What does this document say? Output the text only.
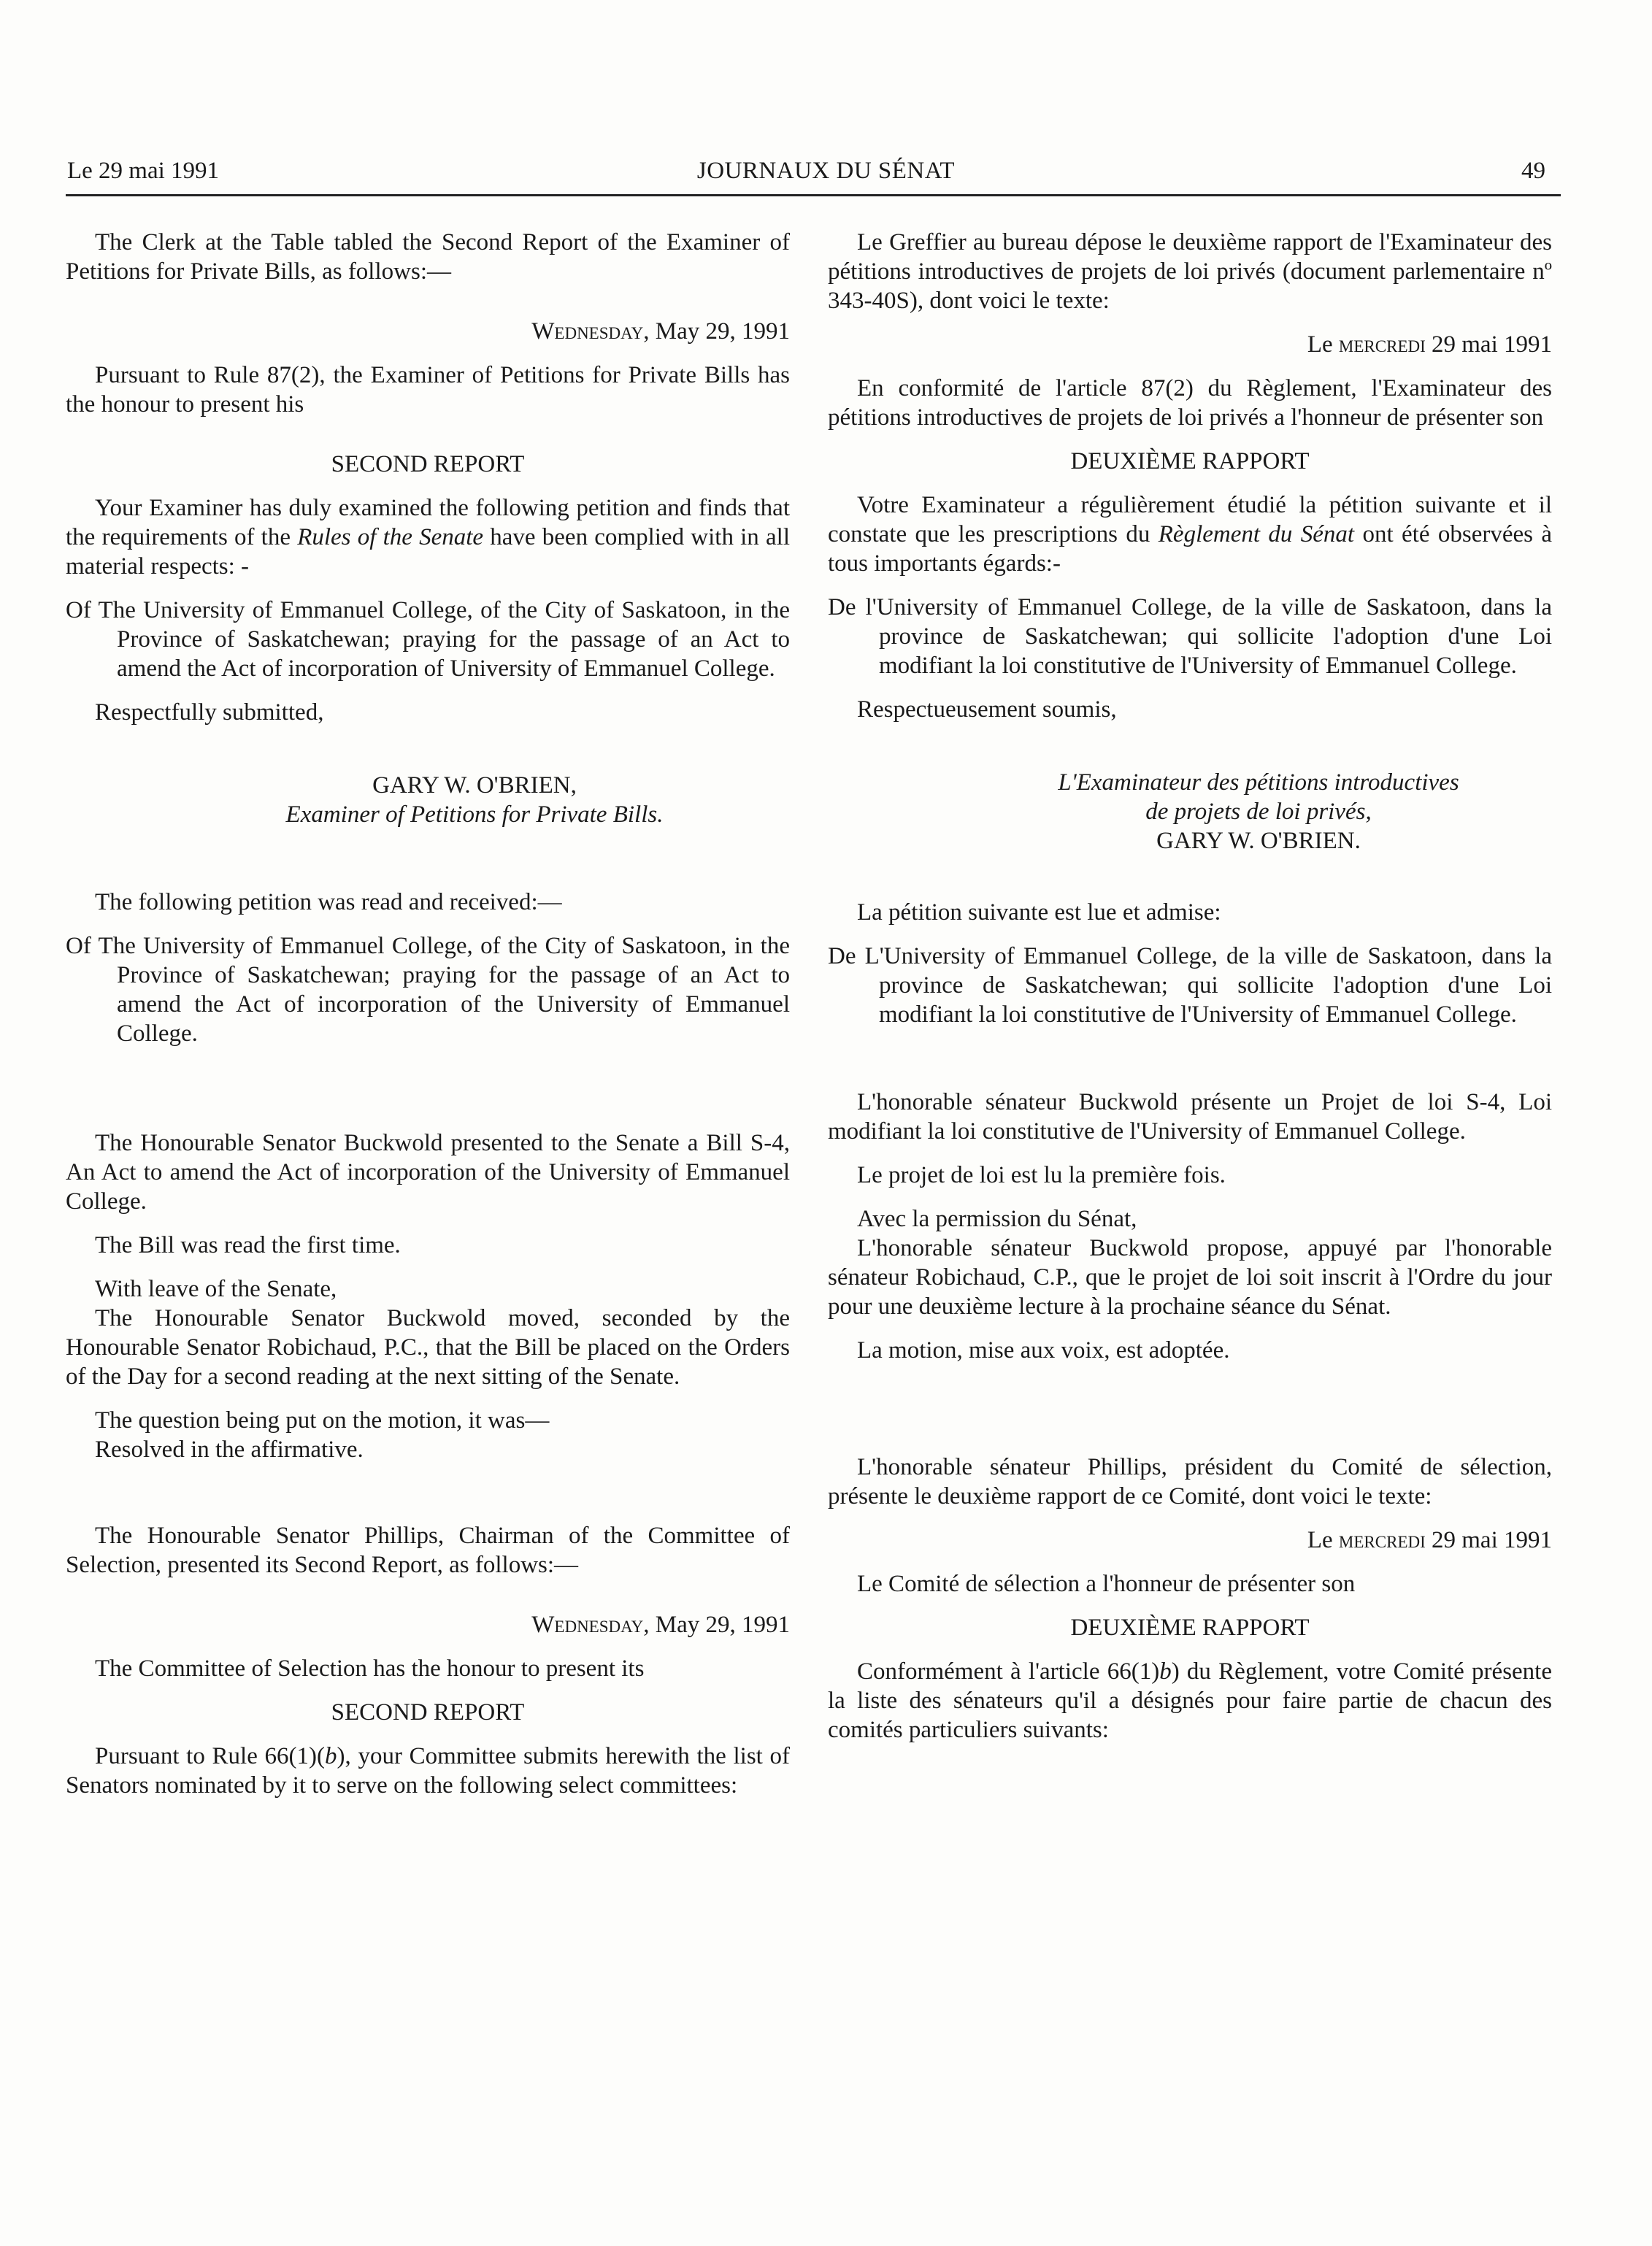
JOURNAUX DU SÉNAT
Le 29 mai 1991	49

The Clerk at the Table tabled the Second Report of the Examiner of Petitions for Private Bills, as follows:—

Wednesday, May 29, 1991

Pursuant to Rule 87(2), the Examiner of Petitions for Private Bills has the honour to present his

SECOND REPORT

Your Examiner has duly examined the following petition and finds that the requirements of the Rules of the Senate have been complied with in all material respects: -

Of The University of Emmanuel College, of the City of Saskatoon, in the Province of Saskatchewan; praying for the passage of an Act to amend the Act of incorporation of University of Emmanuel College.

Respectfully submitted,

GARY W. O'BRIEN,
Examiner of Petitions for Private Bills.

The following petition was read and received:—

Of The University of Emmanuel College, of the City of Saskatoon, in the Province of Saskatchewan; praying for the passage of an Act to amend the Act of incorporation of the University of Emmanuel College.

The Honourable Senator Buckwold presented to the Senate a Bill S-4, An Act to amend the Act of incorporation of the University of Emmanuel College.

The Bill was read the first time.

With leave of the Senate,

The Honourable Senator Buckwold moved, seconded by the Honourable Senator Robichaud, P.C., that the Bill be placed on the Orders of the Day for a second reading at the next sitting of the Senate.

The question being put on the motion, it was—

Resolved in the affirmative.

The Honourable Senator Phillips, Chairman of the Committee of Selection, presented its Second Report, as follows:—

Wednesday, May 29, 1991

The Committee of Selection has the honour to present its

SECOND REPORT

Pursuant to Rule 66(1)(b), your Committee submits herewith the list of Senators nominated by it to serve on the following select committees:

Le Greffier au bureau dépose le deuxième rapport de l'Examinateur des pétitions introductives de projets de loi privés (document parlementaire nº 343-40S), dont voici le texte:

Le mercredi 29 mai 1991

En conformité de l'article 87(2) du Règlement, l'Examinateur des pétitions introductives de projets de loi privés a l'honneur de présenter son

DEUXIÈME RAPPORT

Votre Examinateur a régulièrement étudié la pétition suivante et il constate que les prescriptions du Règlement du Sénat ont été observées à tous importants égards:-

De l'University of Emmanuel College, de la ville de Saskatoon, dans la province de Saskatchewan; qui sollicite l'adoption d'une Loi modifiant la loi constitutive de l'University of Emmanuel College.

Respectueusement soumis,

L'Examinateur des pétitions introductives
de projets de loi privés,
GARY W. O'BRIEN.

La pétition suivante est lue et admise:

De L'University of Emmanuel College, de la ville de Saskatoon, dans la province de Saskatchewan; qui sollicite l'adoption d'une Loi modifiant la loi constitutive de l'University of Emmanuel College.

L'honorable sénateur Buckwold présente un Projet de loi S-4, Loi modifiant la loi constitutive de l'University of Emmanuel College.

Le projet de loi est lu la première fois.

Avec la permission du Sénat,

L'honorable sénateur Buckwold propose, appuyé par l'honorable sénateur Robichaud, C.P., que le projet de loi soit inscrit à l'Ordre du jour pour une deuxième lecture à la prochaine séance du Sénat.

La motion, mise aux voix, est adoptée.

L'honorable sénateur Phillips, président du Comité de sélection, présente le deuxième rapport de ce Comité, dont voici le texte:

Le mercredi 29 mai 1991

Le Comité de sélection a l'honneur de présenter son

DEUXIÈME RAPPORT

Conformément à l'article 66(1)b) du Règlement, votre Comité présente la liste des sénateurs qu'il a désignés pour faire partie de chacun des comités particuliers suivants:
